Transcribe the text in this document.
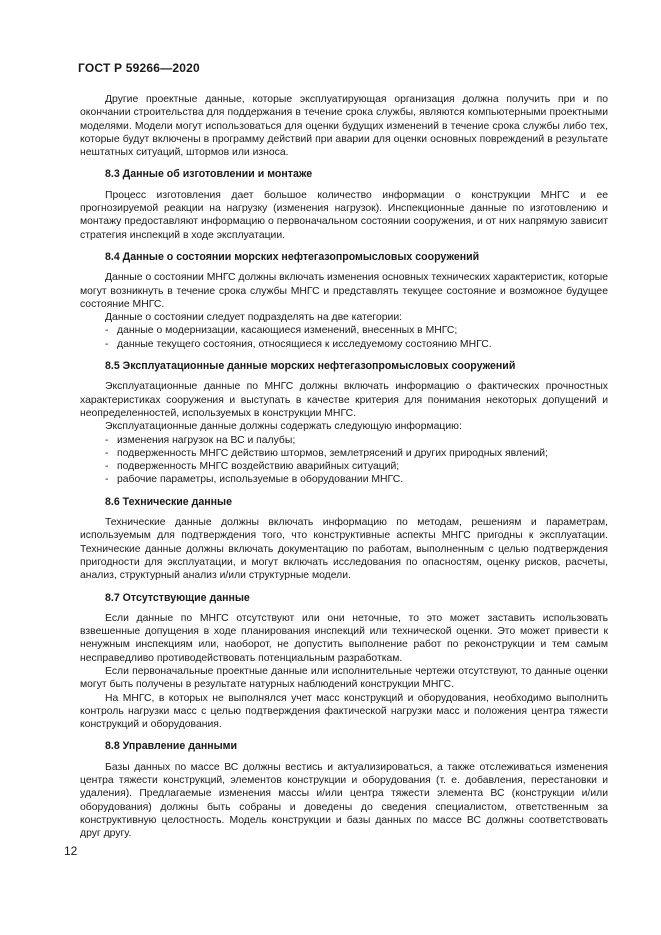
ГОСТ Р 59266—2020

Другие проектные данные, которые эксплуатирующая организация должна получить при и по окончании строительства для поддержания в течение срока службы, являются компьютерными проектными моделями. Модели могут использоваться для оценки будущих изменений в течение срока службы либо тех, которые будут включены в программу действий при аварии для оценки основных повреждений в результате нештатных ситуаций, штормов или износа.

8.3 Данные об изготовлении и монтаже

Процесс изготовления дает большое количество информации о конструкции МНГС и ее прогнозируемой реакции на нагрузку (изменения нагрузок). Инспекционные данные по изготовлению и монтажу предоставляют информацию о первоначальном состоянии сооружения, и от них напрямую зависит стратегия инспекций в ходе эксплуатации.

8.4 Данные о состоянии морских нефтегазопромысловых сооружений

Данные о состоянии МНГС должны включать изменения основных технических характеристик, которые могут возникнуть в течение срока службы МНГС и представлять текущее состояние и возможное будущее состояние МНГС.

Данные о состоянии следует подразделять на две категории:

- данные о модернизации, касающиеся изменений, внесенных в МНГС;
- данные текущего состояния, относящиеся к исследуемому состоянию МНГС.
8.5 Эксплуатационные данные морских нефтегазопромысловых сооружений

Эксплуатационные данные по МНГС должны включать информацию о фактических прочностных характеристиках сооружения и выступать в качестве критерия для понимания некоторых допущений и неопределенностей, используемых в конструкции МНГС.

Эксплуатационные данные должны содержать следующую информацию:

- изменения нагрузок на ВС и палубы;
- подверженность МНГС действию штормов, землетрясений и других природных явлений;
- подверженность МНГС воздействию аварийных ситуаций;
- рабочие параметры, используемые в оборудовании МНГС.
8.6 Технические данные

Технические данные должны включать информацию по методам, решениям и параметрам, используемым для подтверждения того, что конструктивные аспекты МНГС пригодны к эксплуатации. Технические данные должны включать документацию по работам, выполненным с целью подтверждения пригодности для эксплуатации, и могут включать исследования по опасностям, оценку рисков, расчеты, анализ, структурный анализ и/или структурные модели.

8.7 Отсутствующие данные

Если данные по МНГС отсутствуют или они неточные, то это может заставить использовать взвешенные допущения в ходе планирования инспекций или технической оценки. Это может привести к ненужным инспекциям или, наоборот, не допустить выполнение работ по реконструкции и тем самым несправедливо противодействовать потенциальным разработкам.

Если первоначальные проектные данные или исполнительные чертежи отсутствуют, то данные оценки могут быть получены в результате натурных наблюдений конструкции МНГС.

На МНГС, в которых не выполнялся учет масс конструкций и оборудования, необходимо выполнить контроль нагрузки масс с целью подтверждения фактической нагрузки масс и положения центра тяжести конструкций и оборудования.

8.8 Управление данными

Базы данных по массе ВС должны вестись и актуализироваться, а также отслеживаться изменения центра тяжести конструкций, элементов конструкции и оборудования (т. е. добавления, перестановки и удаления). Предлагаемые изменения массы и/или центра тяжести элемента ВС (конструкции и/или оборудования) должны быть собраны и доведены до сведения специалистом, ответственным за конструктивную целостность. Модель конструкции и базы данных по массе ВС должны соответствовать друг другу.

12
